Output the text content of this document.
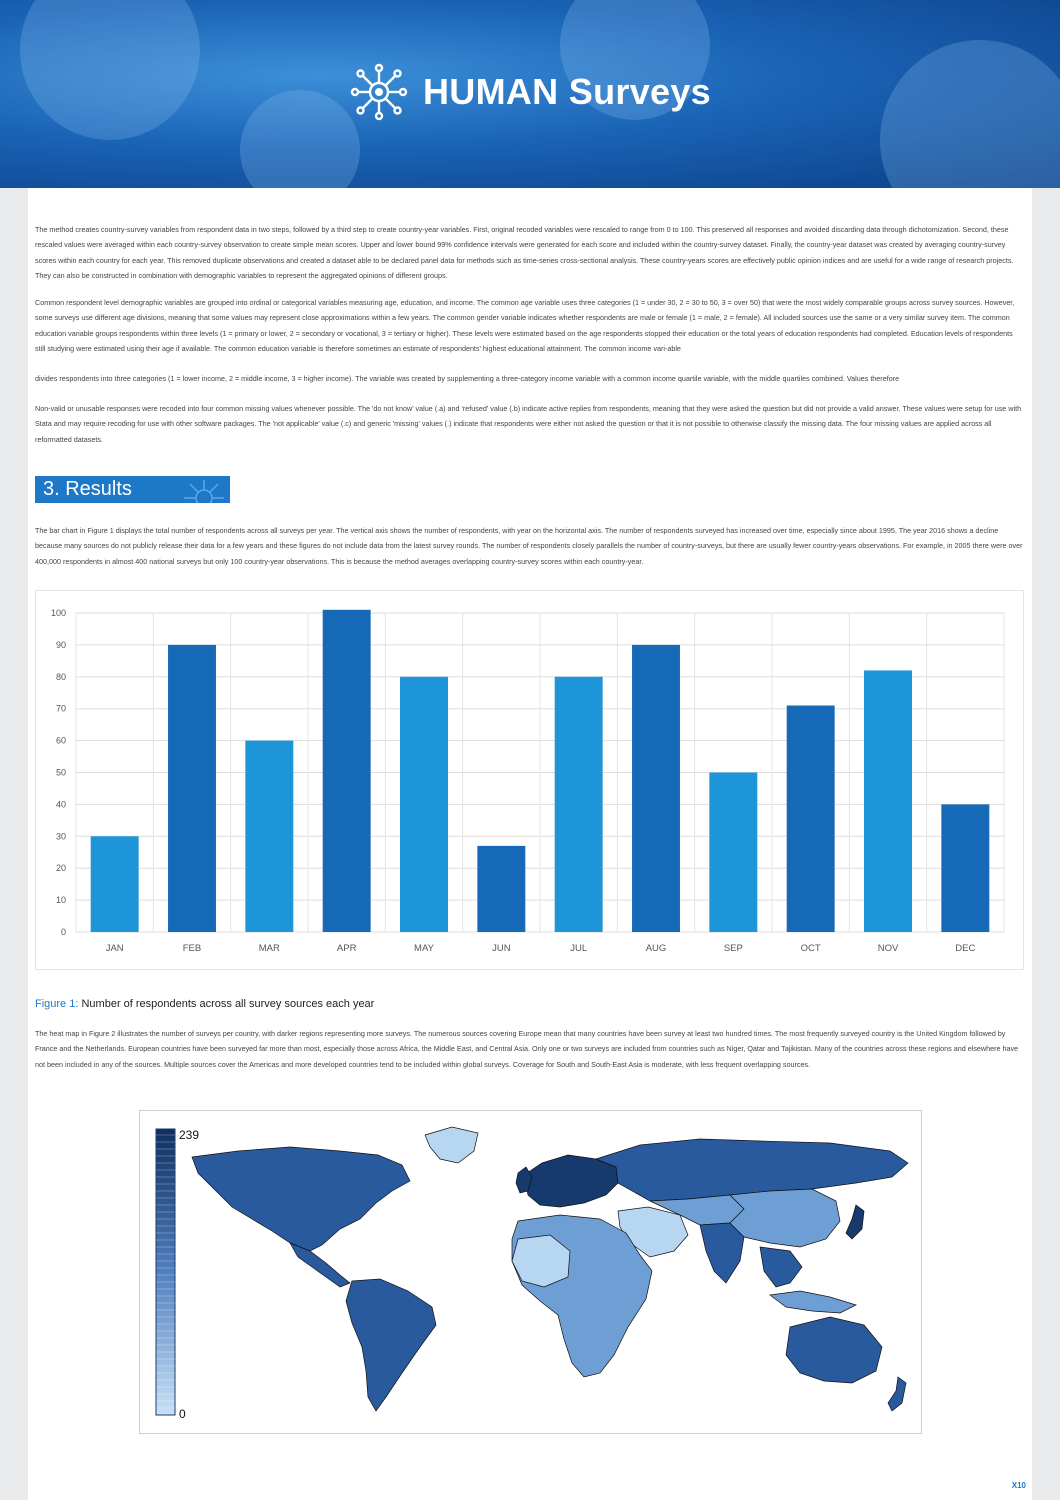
HUMAN Surveys

The method creates country-survey variables from respondent data in two steps, followed by a third step to create country-year variables. First, original recoded variables were rescaled to range from 0 to 100. This preserved all responses and avoided discarding data through dichotomization. Second, these rescaled values were averaged within each country-survey observation to create simple mean scores. Upper and lower bound 99% confidence intervals were generated for each score and included within the country-survey dataset. Finally, the country-year dataset was created by averaging country-survey scores within each country for each year. This removed duplicate observations and created a dataset able to be declared panel data for methods such as time-series cross-sectional analysis. These country-years scores are effectively public opinion indices and are useful for a wide range of research projects. They can also be constructed in combination with demographic variables to represent the aggregated opinions of different groups.

Common respondent level demographic variables are grouped into ordinal or categorical variables measuring age, education, and income. The common age variable uses three categories (1 = under 30, 2 = 30 to 50, 3 = over 50) that were the most widely comparable groups across survey sources. However, some surveys use different age divisions, meaning that some values may represent close approximations within a few years. The common gender variable indicates whether respondents are male or female (1 = male, 2 = female). All included sources use the same or a very similar survey item. The common education variable groups respondents within three levels (1 = primary or lower, 2 = secondary or vocational, 3 = tertiary or higher). These levels were estimated based on the age respondents stopped their education or the total years of education respondents had completed. Education levels of respondents still studying were estimated using their age if available. The common education variable is therefore sometimes an estimate of respondents' highest educational attainment. The common income vari-able

divides respondents into three categories (1 = lower income, 2 = middle income, 3 = higher income). The variable was created by supplementing a three-category income variable with a common income quartile variable, with the middle quartiles combined. Values therefore

Non-valid or unusable responses were recoded into four common missing values whenever possible. The 'do not know' value (.a) and 'refused' value (.b) indicate active replies from respondents, meaning that they were asked the question but did not provide a valid answer. These values were setup for use with Stata and may require recoding for use with other software packages. The 'not applicable' value (.c) and generic 'missing' values (.) indicate that respondents were either not asked the question or that it is not possible to otherwise classify the missing data. The four missing values are applied across all reformatted datasets.

3. Results

The bar chart in Figure 1 displays the total number of respondents across all surveys per year. The vertical axis shows the number of respondents, with year on the horizontal axis. The number of respondents surveyed has increased over time, especially since about 1995. The year 2016 shows a decline because many sources do not publicly release their data for a few years and these figures do not include data from the latest survey rounds. The number of respondents closely parallels the number of country-surveys, but there are usually fewer country-years observations. For example, in 2005 there were over 400,000 respondents in almost 400 national surveys but only 100 country-year observations. This is because the method averages overlapping country-survey scores within each country-year.

0
10
20
30
40
50
60
70
80
90
100
JAN	FEB	MAR	APR	MAY	JUN	JUL	AUG	SEP	OCT	NOV	DEC
Figure 1: Number of respondents across all survey sources each year

The heat map in Figure 2 illustrates the number of surveys per country, with darker regions representing more surveys. The numerous sources covering Europe mean that many countries have been survey at least two hundred times. The most frequently surveyed country is the United Kingdom followed by France and the Netherlands. European countries have been surveyed far more than most, especially those across Africa, the Middle East, and Central Asia. Only one or two surveys are included from countries such as Niger, Qatar and Tajikistan. Many of the countries across these regions and elsewhere have not been included in any of the sources. Multiple sources cover the Americas and more developed countries tend to be included within global surveys. Coverage for South and South-East Asia is moderate, with less frequent overlapping sources.

239
0
X10
